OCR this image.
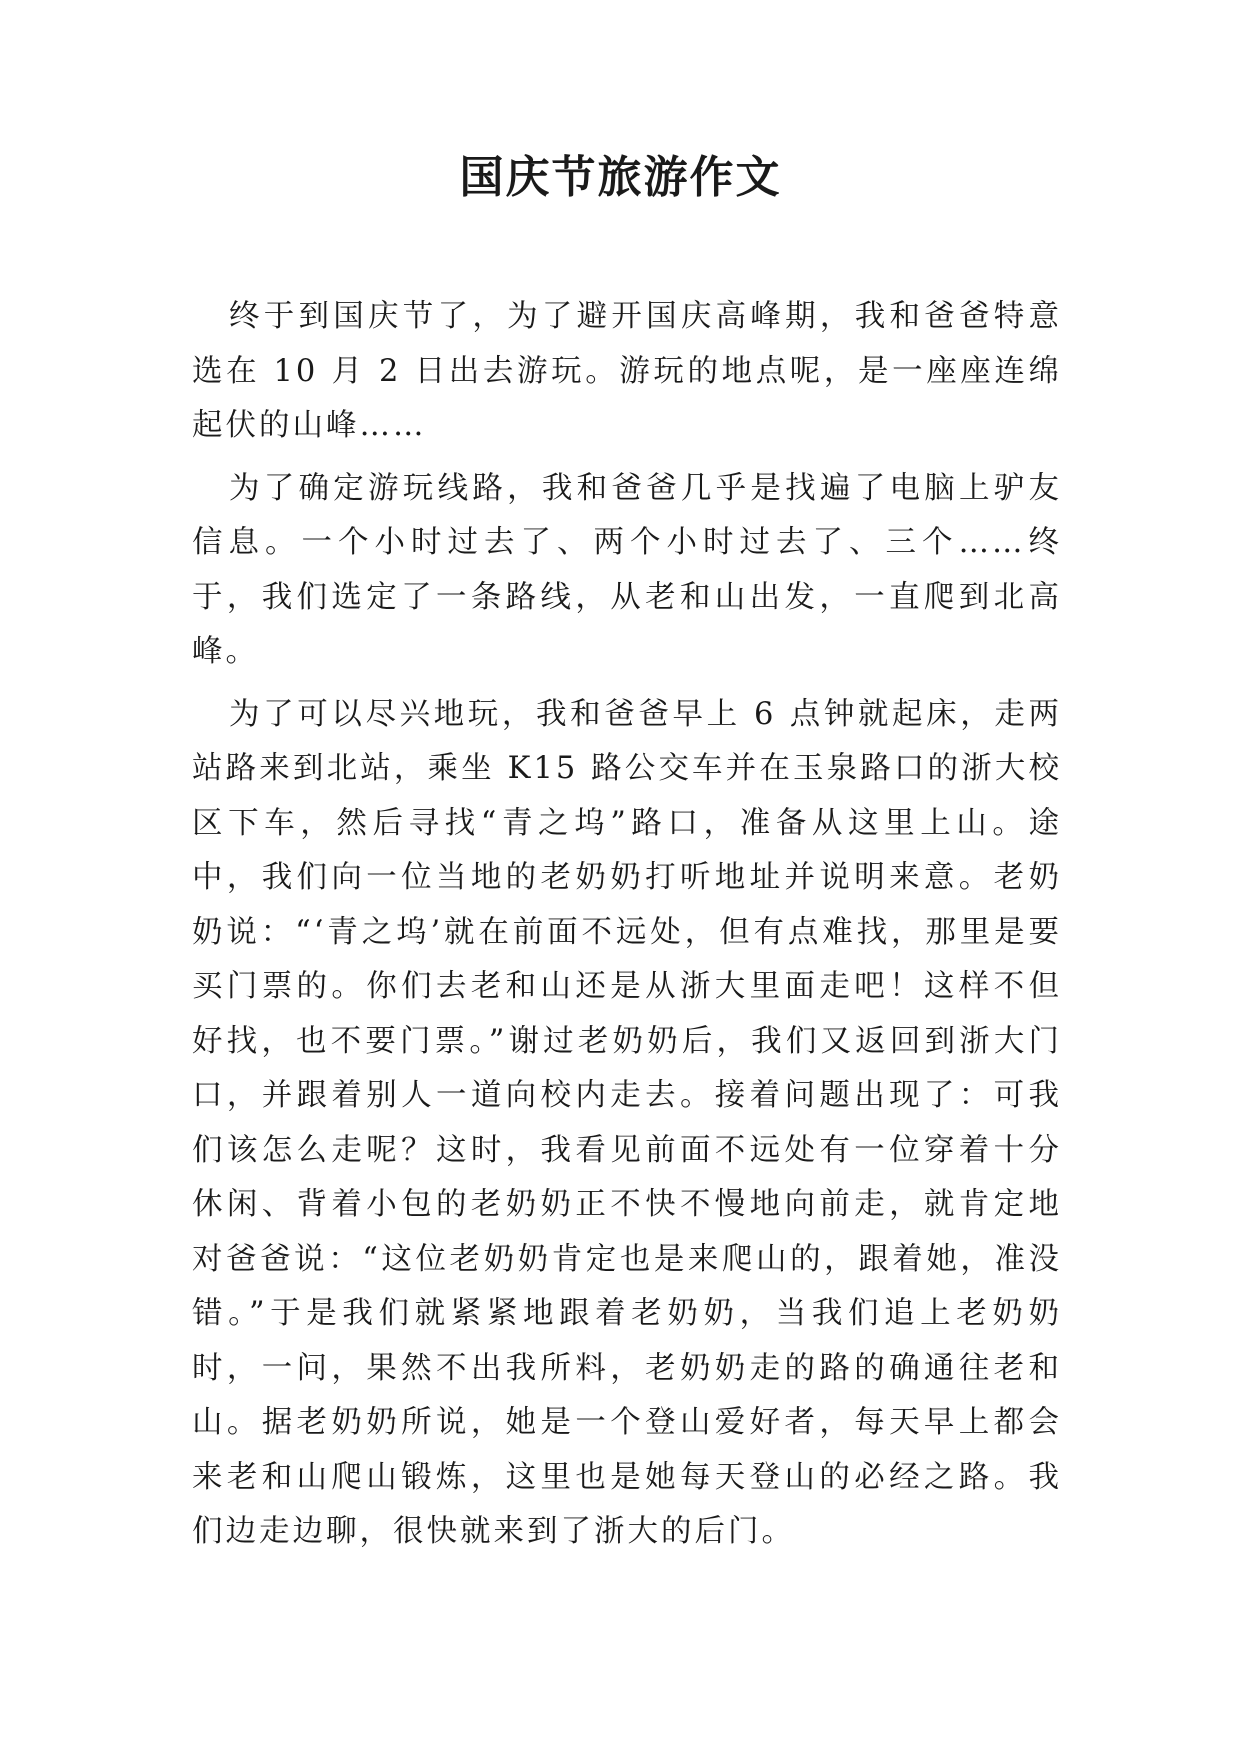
国庆节旅游作文

终于到国庆节了，为了避开国庆高峰期，我和爸爸特意选在 10 月 2 日出去游玩。游玩的地点呢，是一座座连绵起伏的山峰……

为了确定游玩线路，我和爸爸几乎是找遍了电脑上驴友信息。一个小时过去了、两个小时过去了、三个……终于，我们选定了一条路线，从老和山出发，一直爬到北高峰。

为了可以尽兴地玩，我和爸爸早上 6 点钟就起床，走两站路来到北站，乘坐 K15 路公交车并在玉泉路口的浙大校区下车，然后寻找“青之坞”路口，准备从这里上山。途中，我们向一位当地的老奶奶打听地址并说明来意。老奶奶说：“‘青之坞’就在前面不远处，但有点难找，那里是要买门票的。你们去老和山还是从浙大里面走吧！这样不但好找，也不要门票。”谢过老奶奶后，我们又返回到浙大门口，并跟着别人一道向校内走去。接着问题出现了：可我们该怎么走呢？这时，我看见前面不远处有一位穿着十分休闲、背着小包的老奶奶正不快不慢地向前走，就肯定地对爸爸说：“这位老奶奶肯定也是来爬山的，跟着她，准没错。”于是我们就紧紧地跟着老奶奶，当我们追上老奶奶时，一问，果然不出我所料，老奶奶走的路的确通往老和山。据老奶奶所说，她是一个登山爱好者，每天早上都会来老和山爬山锻炼，这里也是她每天登山的必经之路。我们边走边聊，很快就来到了浙大的后门。
